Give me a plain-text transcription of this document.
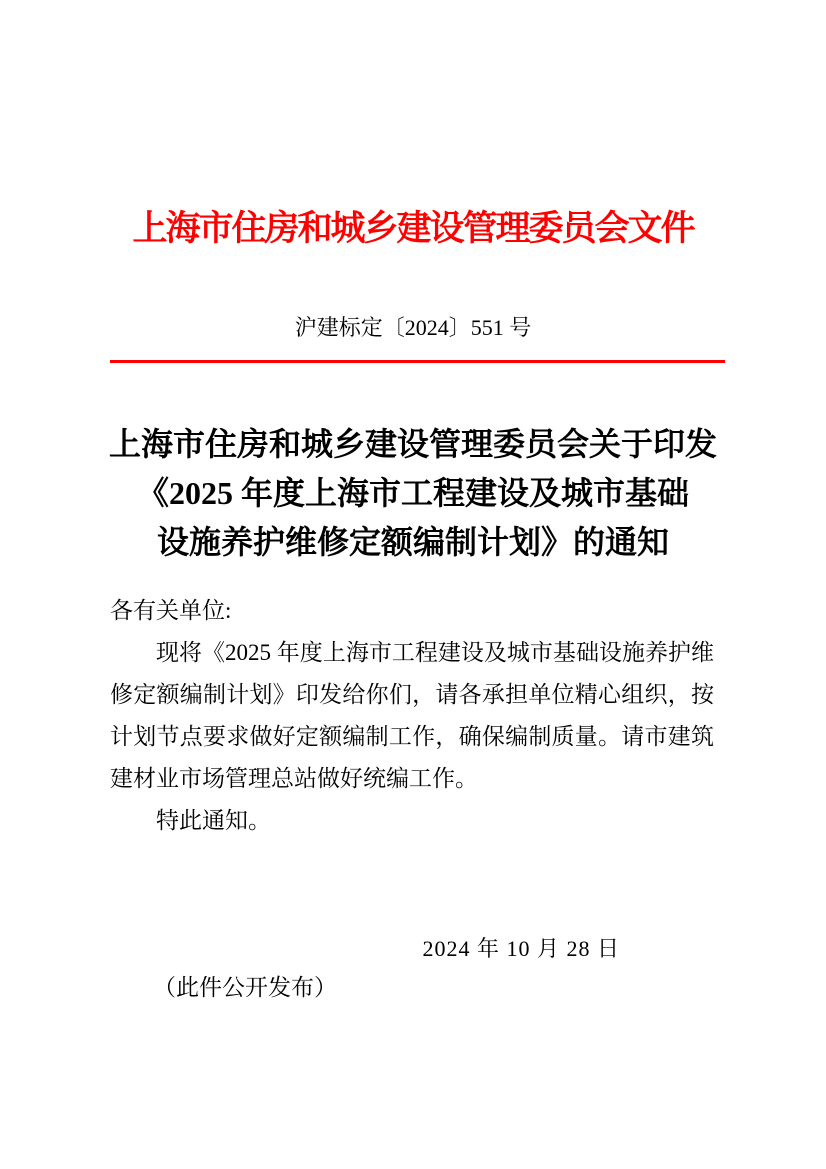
上海市住房和城乡建设管理委员会文件
沪建标定〔2024〕551 号
上海市住房和城乡建设管理委员会关于印发
《2025 年度上海市工程建设及城市基础
设施养护维修定额编制计划》的通知
各有关单位:

现将《2025 年度上海市工程建设及城市基础设施养护维修定额编制计划》印发给你们，请各承担单位精心组织，按计划节点要求做好定额编制工作，确保编制质量。请市建筑建材业市场管理总站做好统编工作。

特此通知。
2024 年 10 月 28 日
（此件公开发布）
